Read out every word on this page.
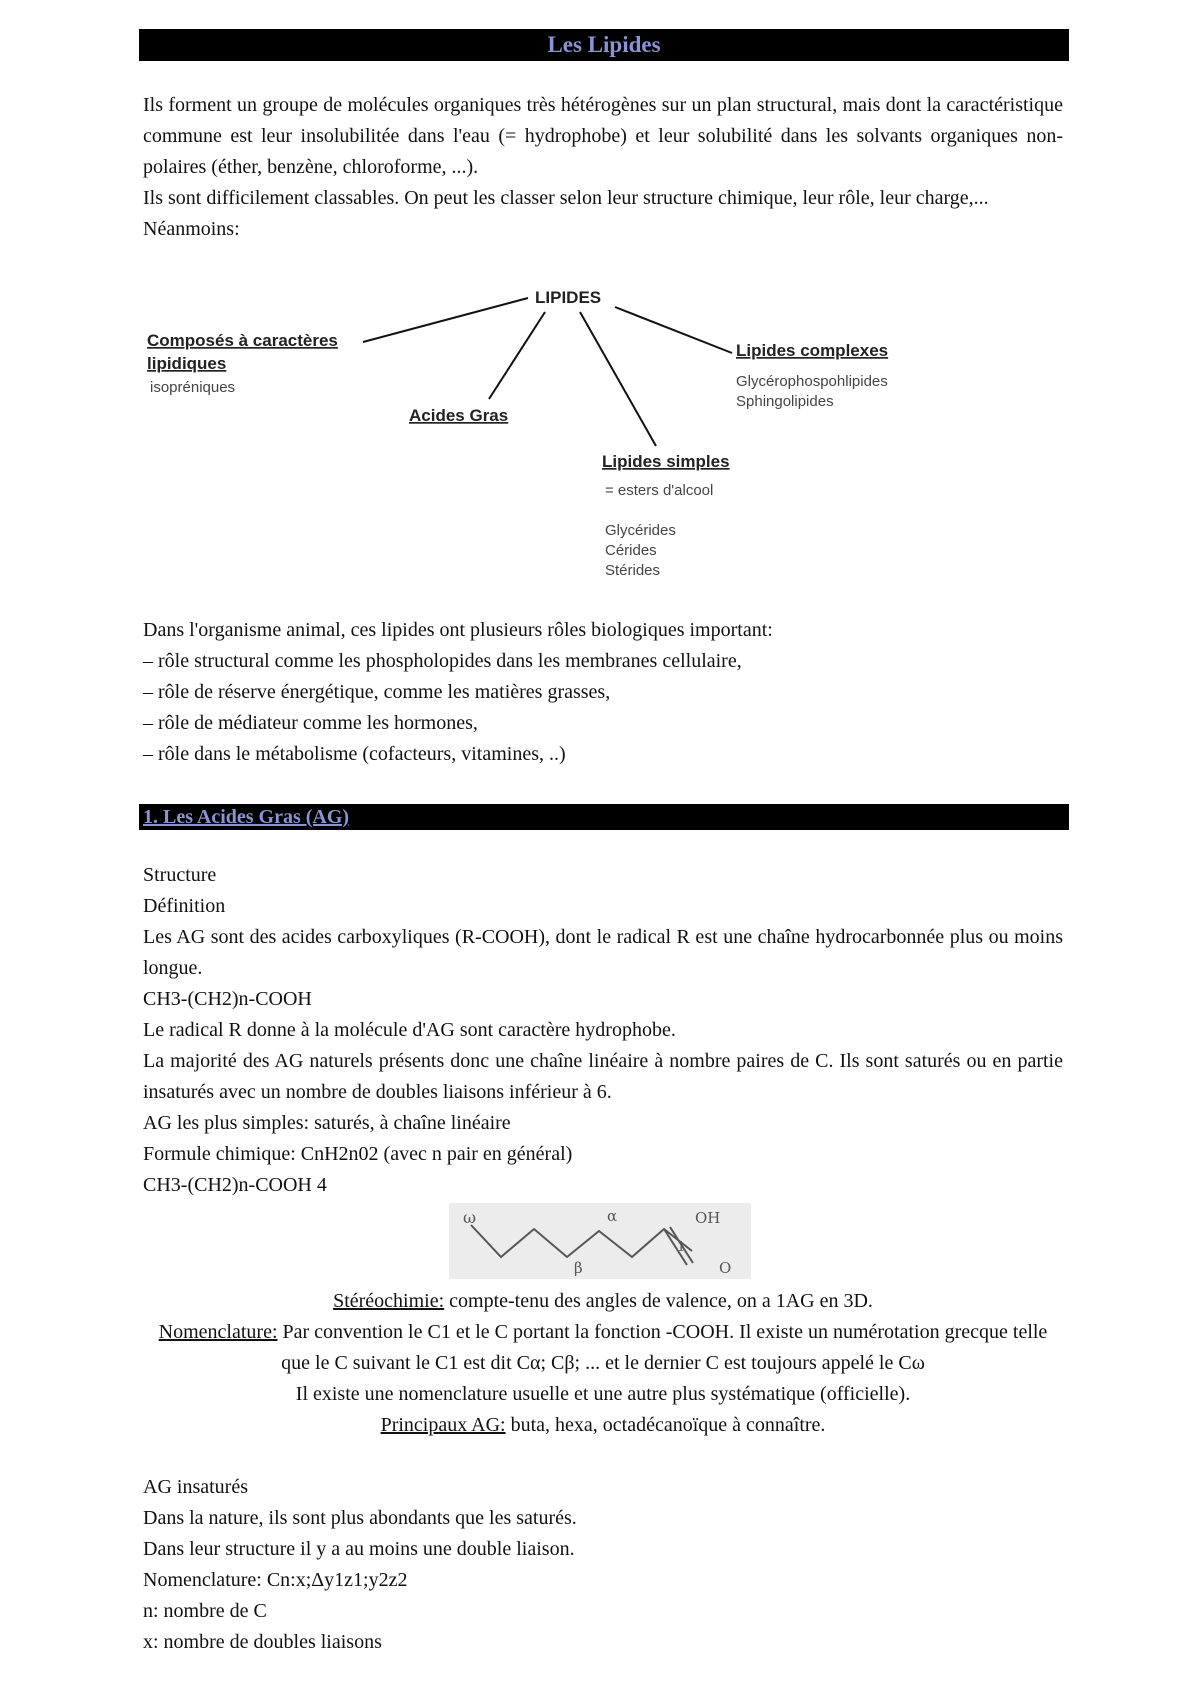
Les Lipides

Ils forment un groupe de molécules organiques très hétérogènes sur un plan structural, mais dont la caractéristique commune est leur insolubilitée dans l'eau (= hydrophobe) et leur solubilité dans les solvants organiques non-polaires (éther, benzène, chloroforme, ...).

Ils sont difficilement classables. On peut les classer selon leur structure chimique, leur rôle, leur charge,...

Néanmoins:

LIPIDES
Composés à caractères
lipidiques
isopréniques
Acides Gras
Lipides simples
= esters d'alcool
Glycérides
Cérides
Stérides
Lipides complexes
Glycérophospohlipides
Sphingolipides

Dans l'organisme animal, ces lipides ont plusieurs rôles biologiques important:

– rôle structural comme les phospholopides dans les membranes cellulaire,

– rôle de réserve énergétique, comme les matières grasses,

– rôle de médiateur comme les hormones,

– rôle dans le métabolisme (cofacteurs, vitamines, ..)

1. Les Acides Gras (AG)

Structure

Définition

Les AG sont des acides carboxyliques (R-COOH), dont le radical R est une chaîne hydrocarbonnée plus ou moins longue.

CH3-(CH2)n-COOH

Le radical R donne à la molécule d'AG sont caractère hydrophobe.

La majorité des AG naturels présents donc une chaîne linéaire à nombre paires de C. Ils sont saturés ou en partie insaturés avec un nombre de doubles liaisons inférieur à 6.

AG les plus simples: saturés, à chaîne linéaire

Formule chimique: CnH2n02 (avec n pair en général)

CH3-(CH2)n-COOH 4

ω	α
β
OH
1
O

Stéréochimie: compte-tenu des angles de valence, on a 1AG en 3D.

Nomenclature: Par convention le C1 et le C portant la fonction -COOH. Il existe un numérotation grecque telle que le C suivant le C1 est dit Cα; Cβ; ... et le dernier C est toujours appelé le Cω

Il existe une nomenclature usuelle et une autre plus systématique (officielle).

Principaux AG: buta, hexa, octadécanoïque à connaître.

AG insaturés

Dans la nature, ils sont plus abondants que les saturés.

Dans leur structure il y a au moins une double liaison.

Nomenclature: Cn:x;Δy1z1;y2z2

n: nombre de C

x: nombre de doubles liaisons
